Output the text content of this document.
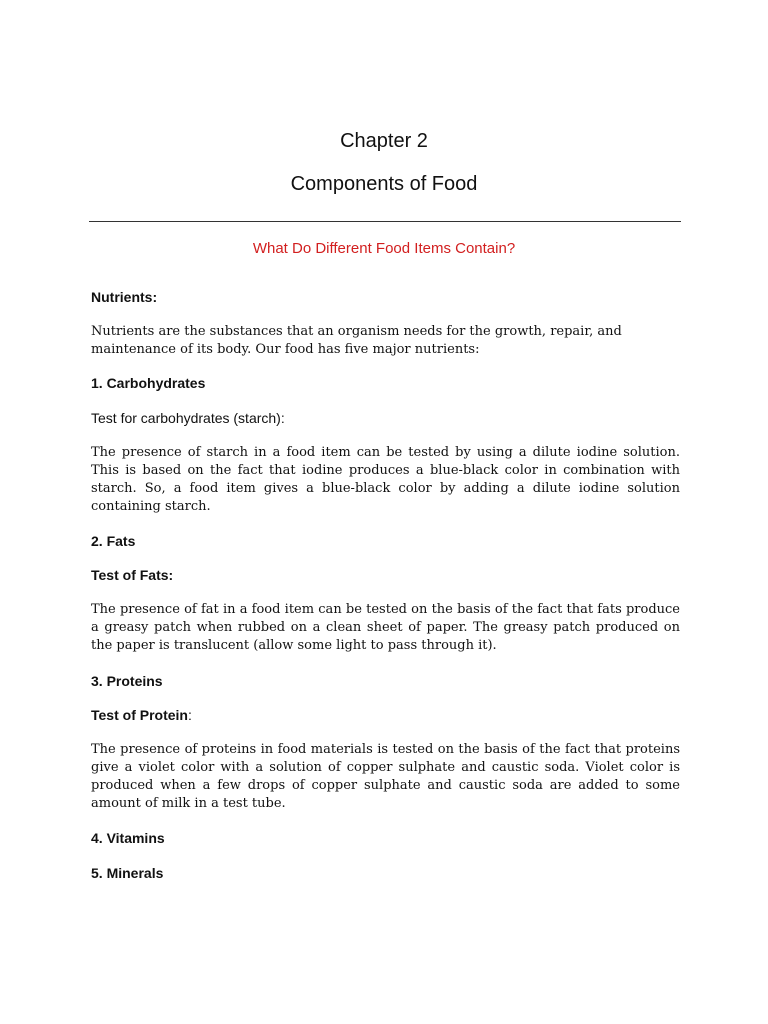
Chapter 2
Components of Food
What Do Different Food Items Contain?
Nutrients:

Nutrients are the substances that an organism needs for the growth, repair, and maintenance of its body. Our food has five major nutrients:

1. Carbohydrates
Test for carbohydrates (starch):

The presence of starch in a food item can be tested by using a dilute iodine solution. This is based on the fact that iodine produces a blue-black color in combination with starch. So, a food item gives a blue-black color by adding a dilute iodine solution containing starch.

2. Fats
Test of Fats:

The presence of fat in a food item can be tested on the basis of the fact that fats produce a greasy patch when rubbed on a clean sheet of paper. The greasy patch produced on the paper is translucent (allow some light to pass through it).

3. Proteins
Test of Protein:

The presence of proteins in food materials is tested on the basis of the fact that proteins give a violet color with a solution of copper sulphate and caustic soda. Violet color is produced when a few drops of copper sulphate and caustic soda are added to some amount of milk in a test tube.

4. Vitamins
5. Minerals
